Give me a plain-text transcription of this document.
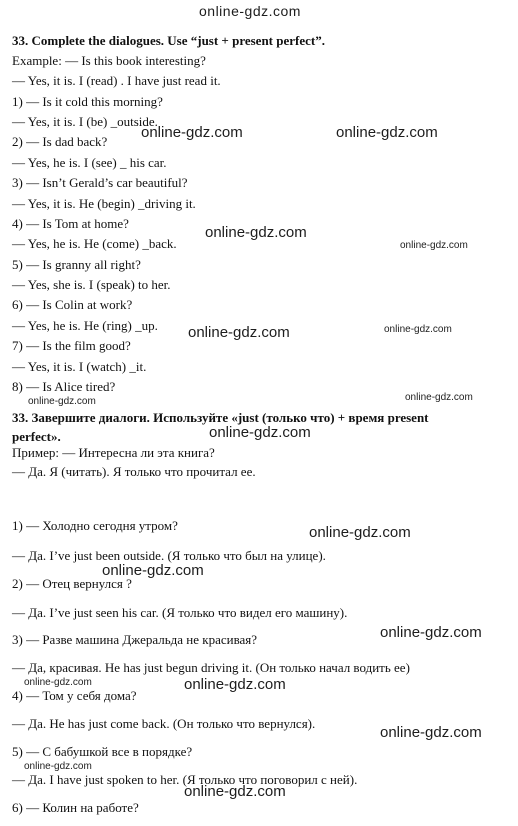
online-gdz.com
33. Complete the dialogues. Use “just + present perfect”.
Example: — Is this book interesting?
— Yes, it is. I (read) . I have just read it.
1) — Is it cold this morning?
— Yes, it is. I (be) _outside.
2) — Is dad back?
— Yes, he is. I (see) _ his car.
3) — Isn’t Gerald’s car beautiful?
— Yes, it is. He (begin) _driving it.
4) — Is Tom at home?
— Yes, he is. He (come) _back.
5) — Is granny all right?
— Yes, she is. I (speak) to her.
6) — Is Colin at work?
— Yes, he is. He (ring) _up.
7) — Is the film good?
— Yes, it is. I (watch) _it.
8) — Is Alice tired?
33. Завершите диалоги. Используйте «just (только что) + время present
perfect».
Пример: — Интересна ли эта книга?
— Да. Я (читать). Я только что прочитал ее.
1) — Холодно сегодня утром?
— Да. I’ve just been outside. (Я только что был на улице).
2) — Отец вернулся ?
— Да. I’ve just seen his car. (Я только что видел его машину).
3) — Разве машина Джеральда не красивая?
— Да, красивая. He has just begun driving it. (Он только начал водить ее)
4) — Том у себя дома?
— Да. He has just come back. (Он только что вернулся).
5) — С бабушкой все в порядке?
— Да. I have just spoken to her. (Я только что поговорил с ней).
6) — Колин на работе?
online-gdz.com	online-gdz.com
online-gdz.com
online-gdz.com
online-gdz.com	online-gdz.com
online-gdz.com
online-gdz.com
online-gdz.com
online-gdz.com
online-gdz.com
online-gdz.com
online-gdz.com	online-gdz.com
online-gdz.com
online-gdz.com
online-gdz.com
